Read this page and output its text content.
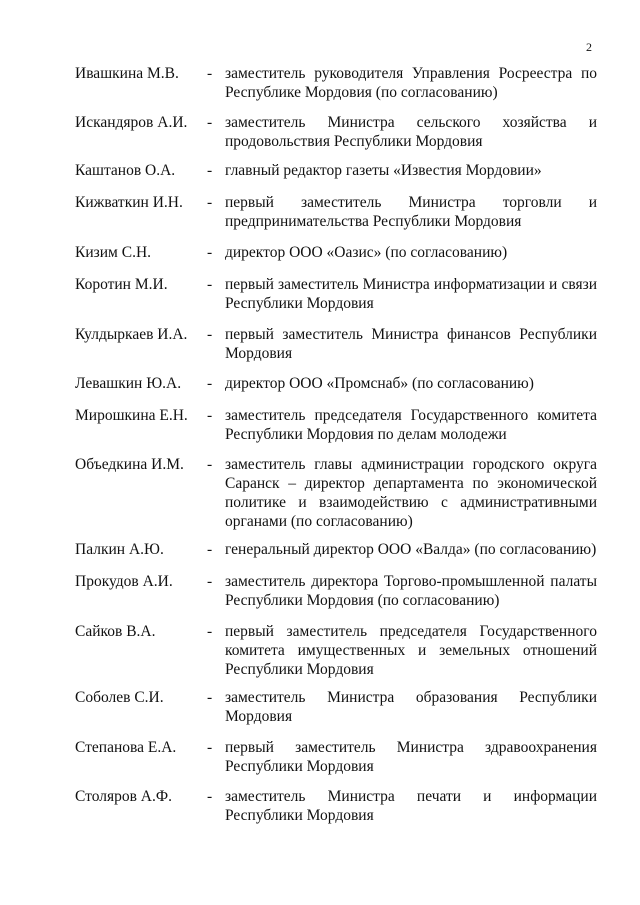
2
Ивашкина М.В. - заместитель руководителя Управления Росреестра по Республике Мордовия (по согласованию)
Искандяров А.И. - заместитель Министра сельского хозяйства и продовольствия Республики Мордовия
Каштанов О.А. - главный редактор газеты «Известия Мордовии»
Кижваткин И.Н. - первый заместитель Министра торговли и предпринимательства Республики Мордовия
Кизим С.Н.	- директор ООО «Оазис» (по согласованию)
Коротин М.И.	- первый заместитель Министра информатизации и связи Республики Мордовия
Кулдыркаев И.А. - первый заместитель Министра финансов Республики Мордовия
Левашкин Ю.А. - директор ООО «Промснаб» (по согласованию)
Мирошкина Е.Н. - заместитель председателя Государственного комитета Республики Мордовия по делам молодежи
Объедкина И.М. - заместитель главы администрации городского округа Саранск – директор департамента по экономической политике и взаимодействию с административными органами (по согласованию)
Палкин А.Ю.	- генеральный директор ООО «Валда» (по согласованию)
Прокудов А.И. - заместитель директора Торгово-промышленной палаты Республики Мордовия (по согласованию)
Сайков В.А.	- первый заместитель председателя Государственного комитета имущественных и земельных отношений Республики Мордовия
Соболев С.И.	- заместитель Министра образования Республики Мордовия
Степанова Е.А. - первый заместитель Министра здравоохранения Республики Мордовия
Столяров А.Ф. - заместитель Министра печати и информации Республики Мордовия
